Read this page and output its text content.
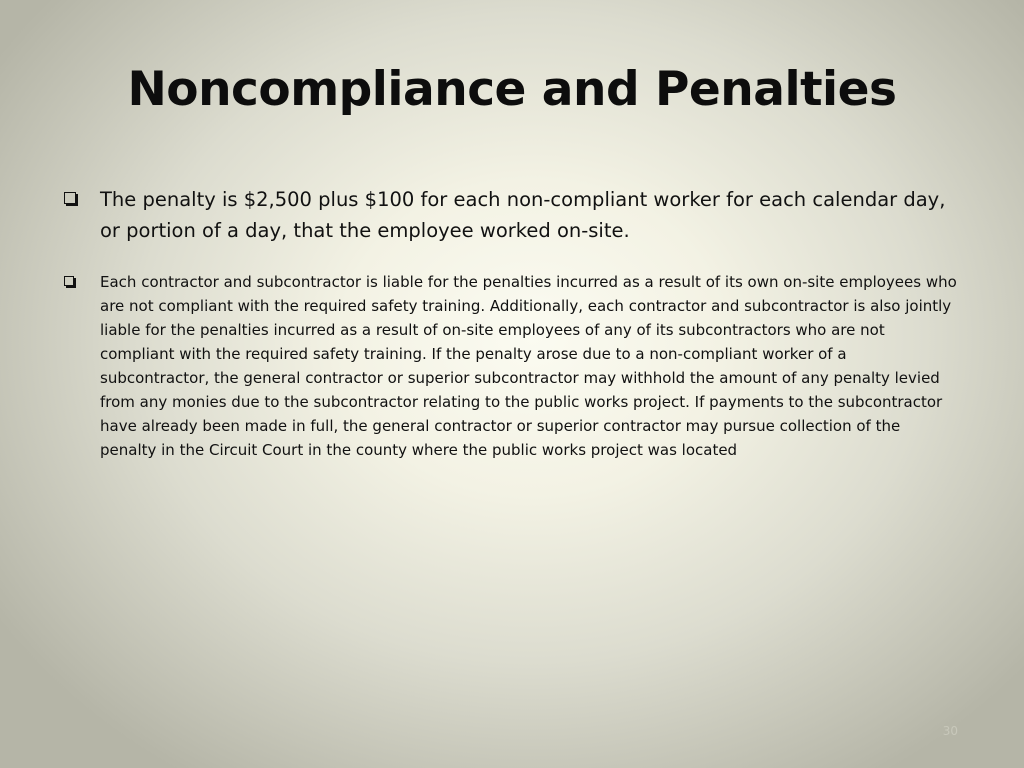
Noncompliance and Penalties
The penalty is $2,500 plus $100 for each non-compliant worker for each calendar day, or portion of a day, that the employee worked on-site.
Each contractor and subcontractor is liable for the penalties incurred as a result of its own on-site employees who are not compliant with the required safety training. Additionally, each contractor and subcontractor is also jointly liable for the penalties incurred as a result of on-site employees of any of its subcontractors who are not compliant with the required safety training. If the penalty arose due to a non-compliant worker of a subcontractor, the general contractor or superior subcontractor may withhold the amount of any penalty levied from any monies due to the subcontractor relating to the public works project. If payments to the subcontractor have already been made in full, the general contractor or superior contractor may pursue collection of the penalty in the Circuit Court in the county where the public works project was located
30
